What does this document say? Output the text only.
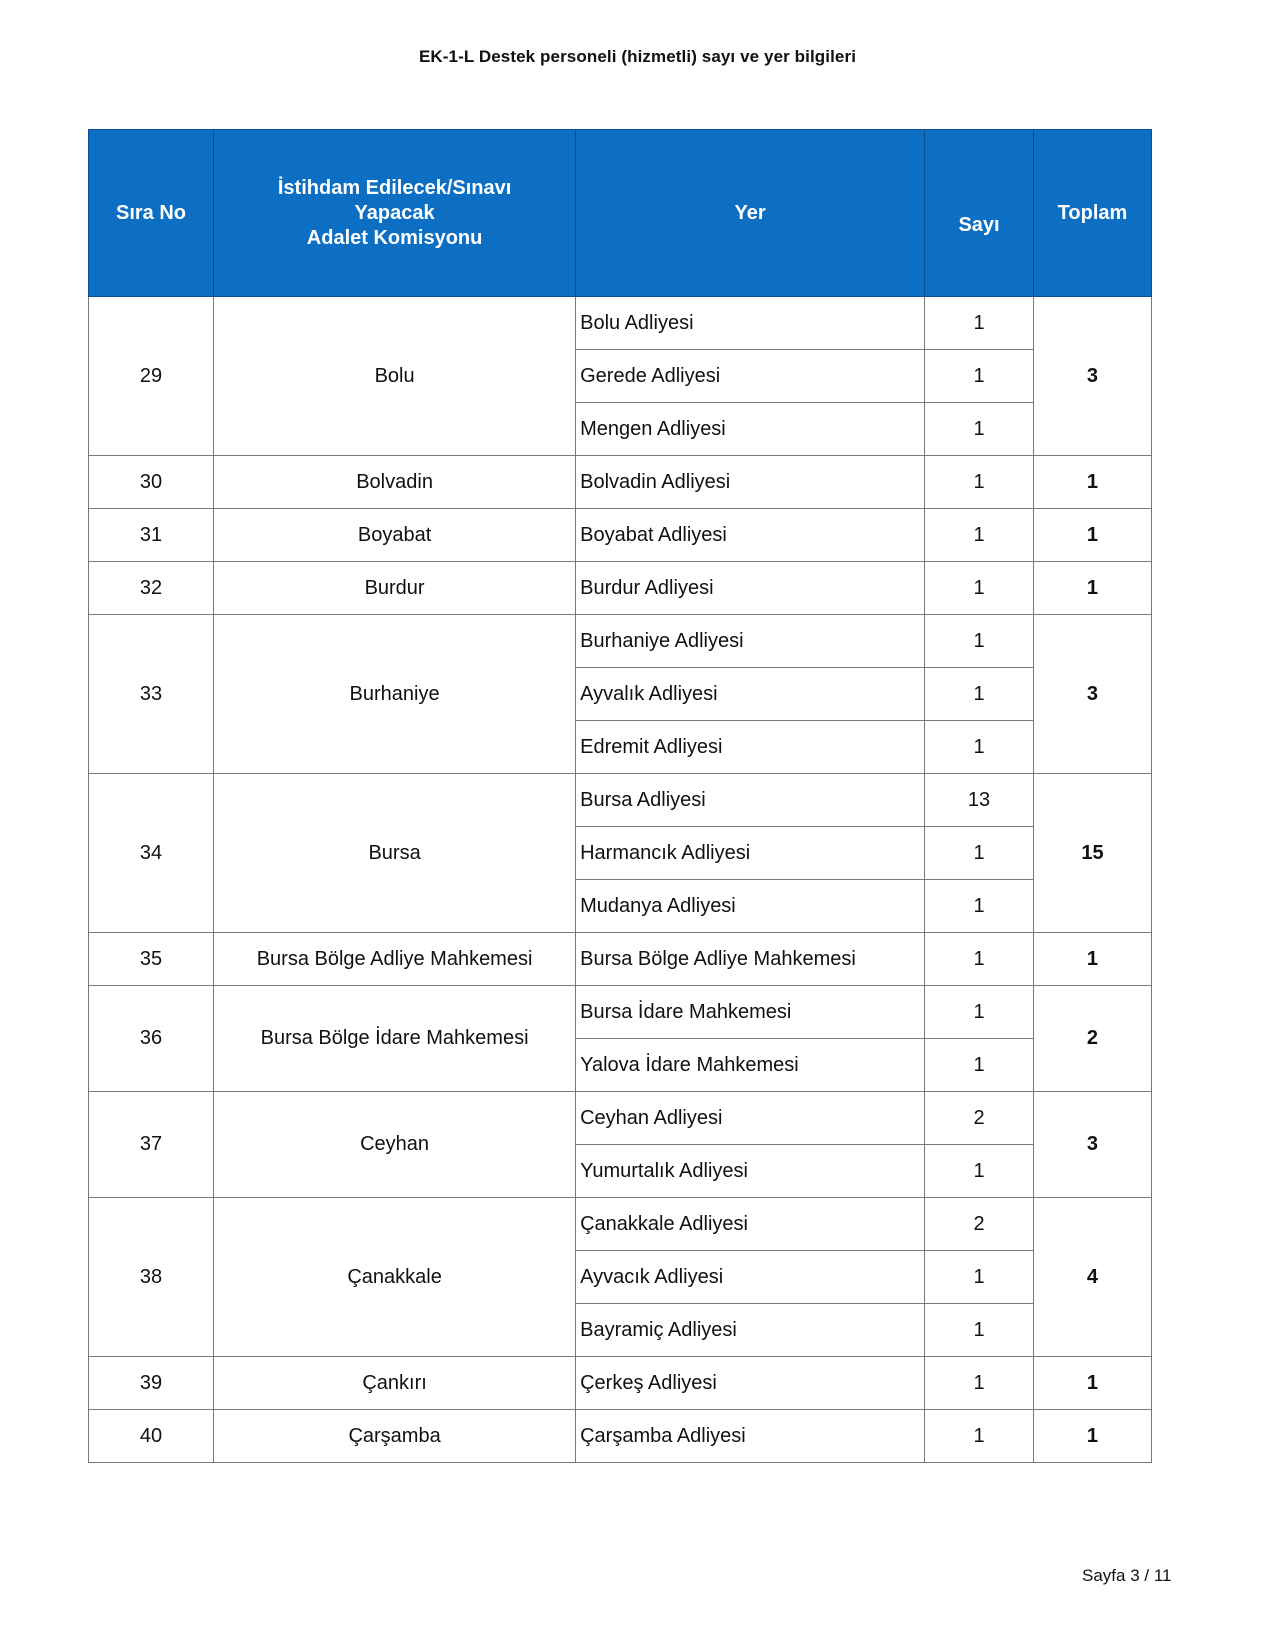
EK-1-L Destek personeli (hizmetli) sayı ve yer bilgileri
Sıra No	İstihdam Edilecek/Sınavı
Yapacak
Adalet Komisyonu	Yer	Sayı	Toplam
29	Bolu	Bolu Adliyesi	1	3
		Gerede Adliyesi	1	
		Mengen Adliyesi	1	
30	Bolvadin	Bolvadin Adliyesi	1	1
31	Boyabat	Boyabat Adliyesi	1	1
32	Burdur	Burdur Adliyesi	1	1
33	Burhaniye	Burhaniye Adliyesi	1	3
		Ayvalık Adliyesi	1	
		Edremit Adliyesi	1	
34	Bursa	Bursa Adliyesi	13	15
		Harmancık Adliyesi	1	
		Mudanya Adliyesi	1	
35	Bursa Bölge Adliye Mahkemesi	Bursa Bölge Adliye Mahkemesi	1	1
36	Bursa Bölge İdare Mahkemesi	Bursa İdare Mahkemesi	1	2
		Yalova İdare Mahkemesi	1	
37	Ceyhan	Ceyhan Adliyesi	2	3
		Yumurtalık Adliyesi	1	
38	Çanakkale	Çanakkale Adliyesi	2	4
		Ayvacık Adliyesi	1	
		Bayramiç Adliyesi	1	
39	Çankırı	Çerkeş Adliyesi	1	1
40	Çarşamba	Çarşamba Adliyesi	1	1
Sayfa 3 / 11
